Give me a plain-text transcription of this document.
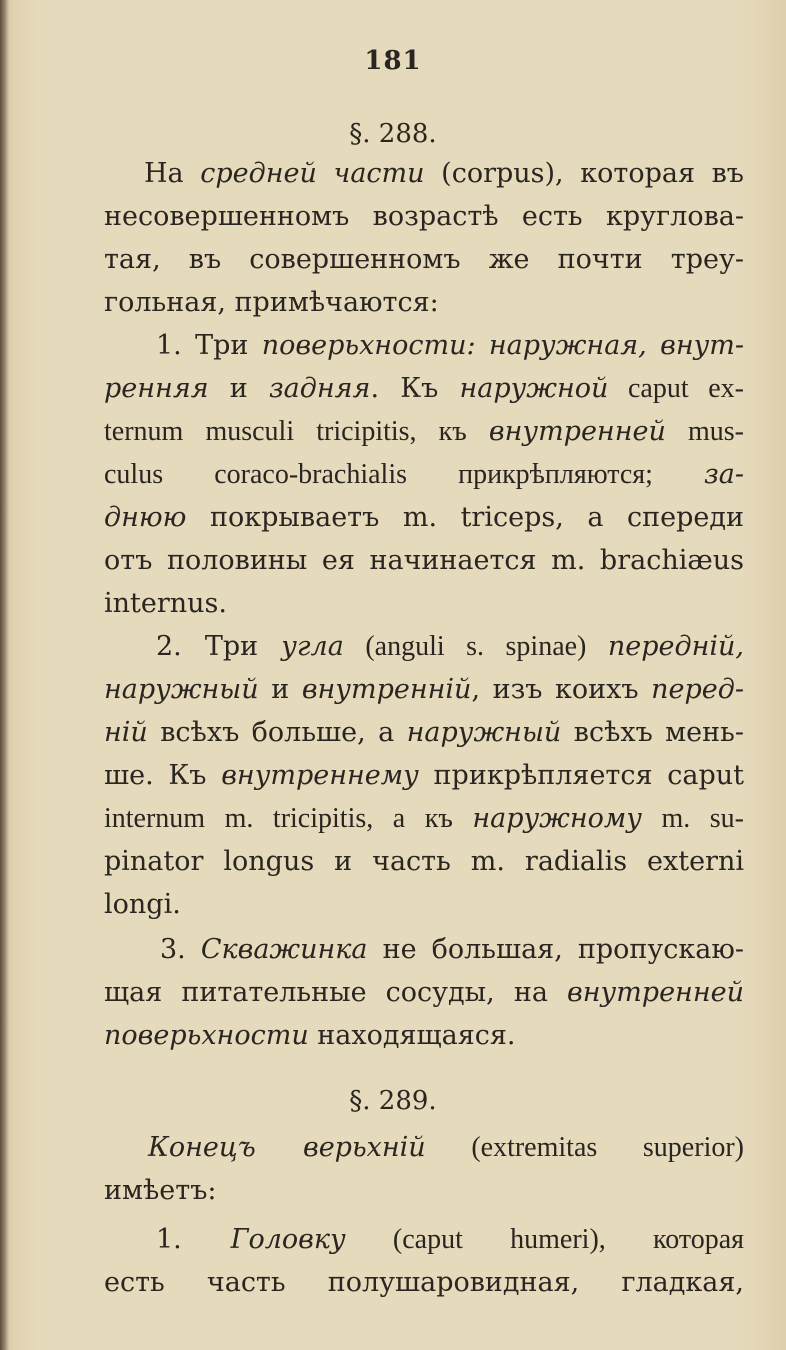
181
§. 288.
На средней части (corpus), которая въ
несовершенномъ возрастѣ есть круглова-
тая, въ совершенномъ же почти треу-
гольная, примѣчаются:
1. Три поверьхности: наружная, внут-
ренняя и задняя. Къ наружной caput ex-
ternum musculi tricipitis, къ внутренней mus-
culus coraco-brachialis прикрѣпляются; за-
днюю покрываетъ m. triceps, а спереди
отъ половины ея начинается m. brachiæus
internus.
2. Три угла (anguli s. spinae) передній,
наружный и внутренній, изъ коихъ перед-
ній всѣхъ больше, а наружный всѣхъ мень-
ше. Къ внутреннему прикрѣпляется caput
internum m. tricipitis, а къ наружному m. su-
pinator longus и часть m. radialis externi
longi.
3. Скважинка не большая, пропускаю-
щая питательные сосуды, на внутренней
поверьхности находящаяся.
§. 289.
Конецъ верьхній (extremitas superior)
имѣетъ:
1. Головку (caput humeri), которая
есть часть полушаровидная, гладкая,
